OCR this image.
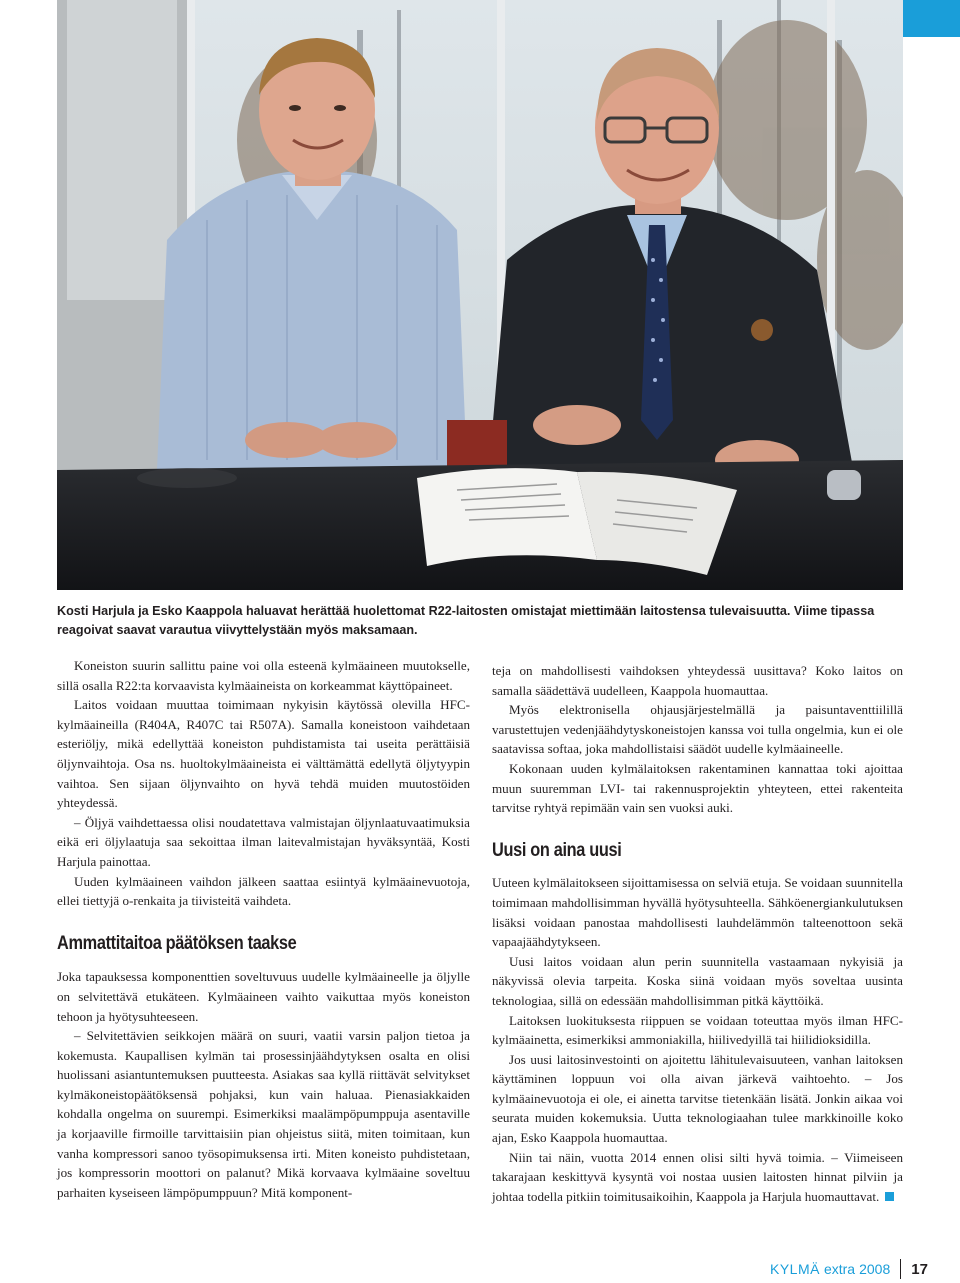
Kosti Harjula ja Esko Kaappola haluavat herättää huolettomat R22-laitosten omistajat miettimään laitostensa tulevaisuutta. Viime tipassa reagoivat saavat varautua viivyttelystään myös maksamaan.

Koneiston suurin sallittu paine voi olla esteenä kylmäaineen muutokselle, sillä osalla R22:ta korvaavista kylmäaineista on korkeammat käyttöpaineet.

Laitos voidaan muuttaa toimimaan nykyisin käytössä olevilla HFC-kylmäaineilla (R404A, R407C tai R507A). Samalla koneistoon vaihdetaan esteriöljy, mikä edellyttää koneiston puhdistamista tai useita perättäisiä öljynvaihtoja. Osa ns. huoltokylmäaineista ei välttämättä edellytä öljytyypin vaihtoa. Sen sijaan öljynvaihto on hyvä tehdä muiden muutostöiden yhteydessä.

– Öljyä vaihdettaessa olisi noudatettava valmistajan öljynlaatuvaatimuksia eikä eri öljylaatuja saa sekoittaa ilman laitevalmistajan hyväksyntää, Kosti Harjula painottaa.

Uuden kylmäaineen vaihdon jälkeen saattaa esiintyä kylmäainevuotoja, ellei tiettyjä o-renkaita ja tiivisteitä vaihdeta.

Ammattitaitoa päätöksen taakse

Joka tapauksessa komponenttien soveltuvuus uudelle kylmäaineelle ja öljylle on selvitettävä etukäteen. Kylmäaineen vaihto vaikuttaa myös koneiston tehoon ja hyötysuhteeseen.

– Selvitettävien seikkojen määrä on suuri, vaatii varsin paljon tietoa ja kokemusta. Kaupallisen kylmän tai prosessinjäähdytyksen osalta en olisi huolissani asiantuntemuksen puutteesta. Asiakas saa kyllä riittävät selvitykset kylmäkoneistopäätöksensä pohjaksi, kun vain haluaa. Pienasiakkaiden kohdalla ongelma on suurempi. Esimerkiksi maalämpöpumppuja asentaville ja korjaaville firmoille tarvittaisiin pian ohjeistus siitä, miten toimitaan, kun vanha kompressori sanoo työsopimuksensa irti. Miten koneisto puhdistetaan, jos kompressorin moottori on palanut? Mikä korvaava kylmäaine soveltuu parhaiten kyseiseen lämpöpumppuun? Mitä komponent-

teja on mahdollisesti vaihdoksen yhteydessä uusittava? Koko laitos on samalla säädettävä uudelleen, Kaappola huomauttaa.

Myös elektronisella ohjausjärjestelmällä ja paisuntaventtiilillä varustettujen vedenjäähdytyskoneistojen kanssa voi tulla ongelmia, kun ei ole saatavissa softaa, joka mahdollistaisi säädöt uudelle kylmäaineelle.

Kokonaan uuden kylmälaitoksen rakentaminen kannattaa toki ajoittaa muun suuremman LVI- tai rakennusprojektin yhteyteen, ettei rakenteita tarvitse ryhtyä repimään vain sen vuoksi auki.

Uusi on aina uusi

Uuteen kylmälaitokseen sijoittamisessa on selviä etuja. Se voidaan suunnitella toimimaan mahdollisimman hyvällä hyötysuhteella. Sähköenergiankulutuksen lisäksi voidaan panostaa mahdollisesti lauhdelämmön talteenottoon sekä vapaajäähdytykseen.

Uusi laitos voidaan alun perin suunnitella vastaamaan nykyisiä ja näkyvissä olevia tarpeita. Koska siinä voidaan myös soveltaa uusinta teknologiaa, sillä on edessään mahdollisimman pitkä käyttöikä.

Laitoksen luokituksesta riippuen se voidaan toteuttaa myös ilman HFC-kylmäainetta, esimerkiksi ammoniakilla, hiilivedyillä tai hiilidioksidilla.

Jos uusi laitosinvestointi on ajoitettu lähitulevaisuuteen, vanhan laitoksen käyttäminen loppuun voi olla aivan järkevä vaihtoehto. – Jos kylmäainevuotoja ei ole, ei ainetta tarvitse tietenkään lisätä. Jonkin aikaa voi seurata muiden kokemuksia. Uutta teknologiaahan tulee markkinoille koko ajan, Esko Kaappola huomauttaa.

Niin tai näin, vuotta 2014 ennen olisi silti hyvä toimia. – Viimeiseen takarajaan keskittyvä kysyntä voi nostaa uusien laitosten hinnat pilviin ja johtaa todella pitkiin toimitusaikoihin, Kaappola ja Harjula huomauttavat.

KYLMÄ extra 2008 17
